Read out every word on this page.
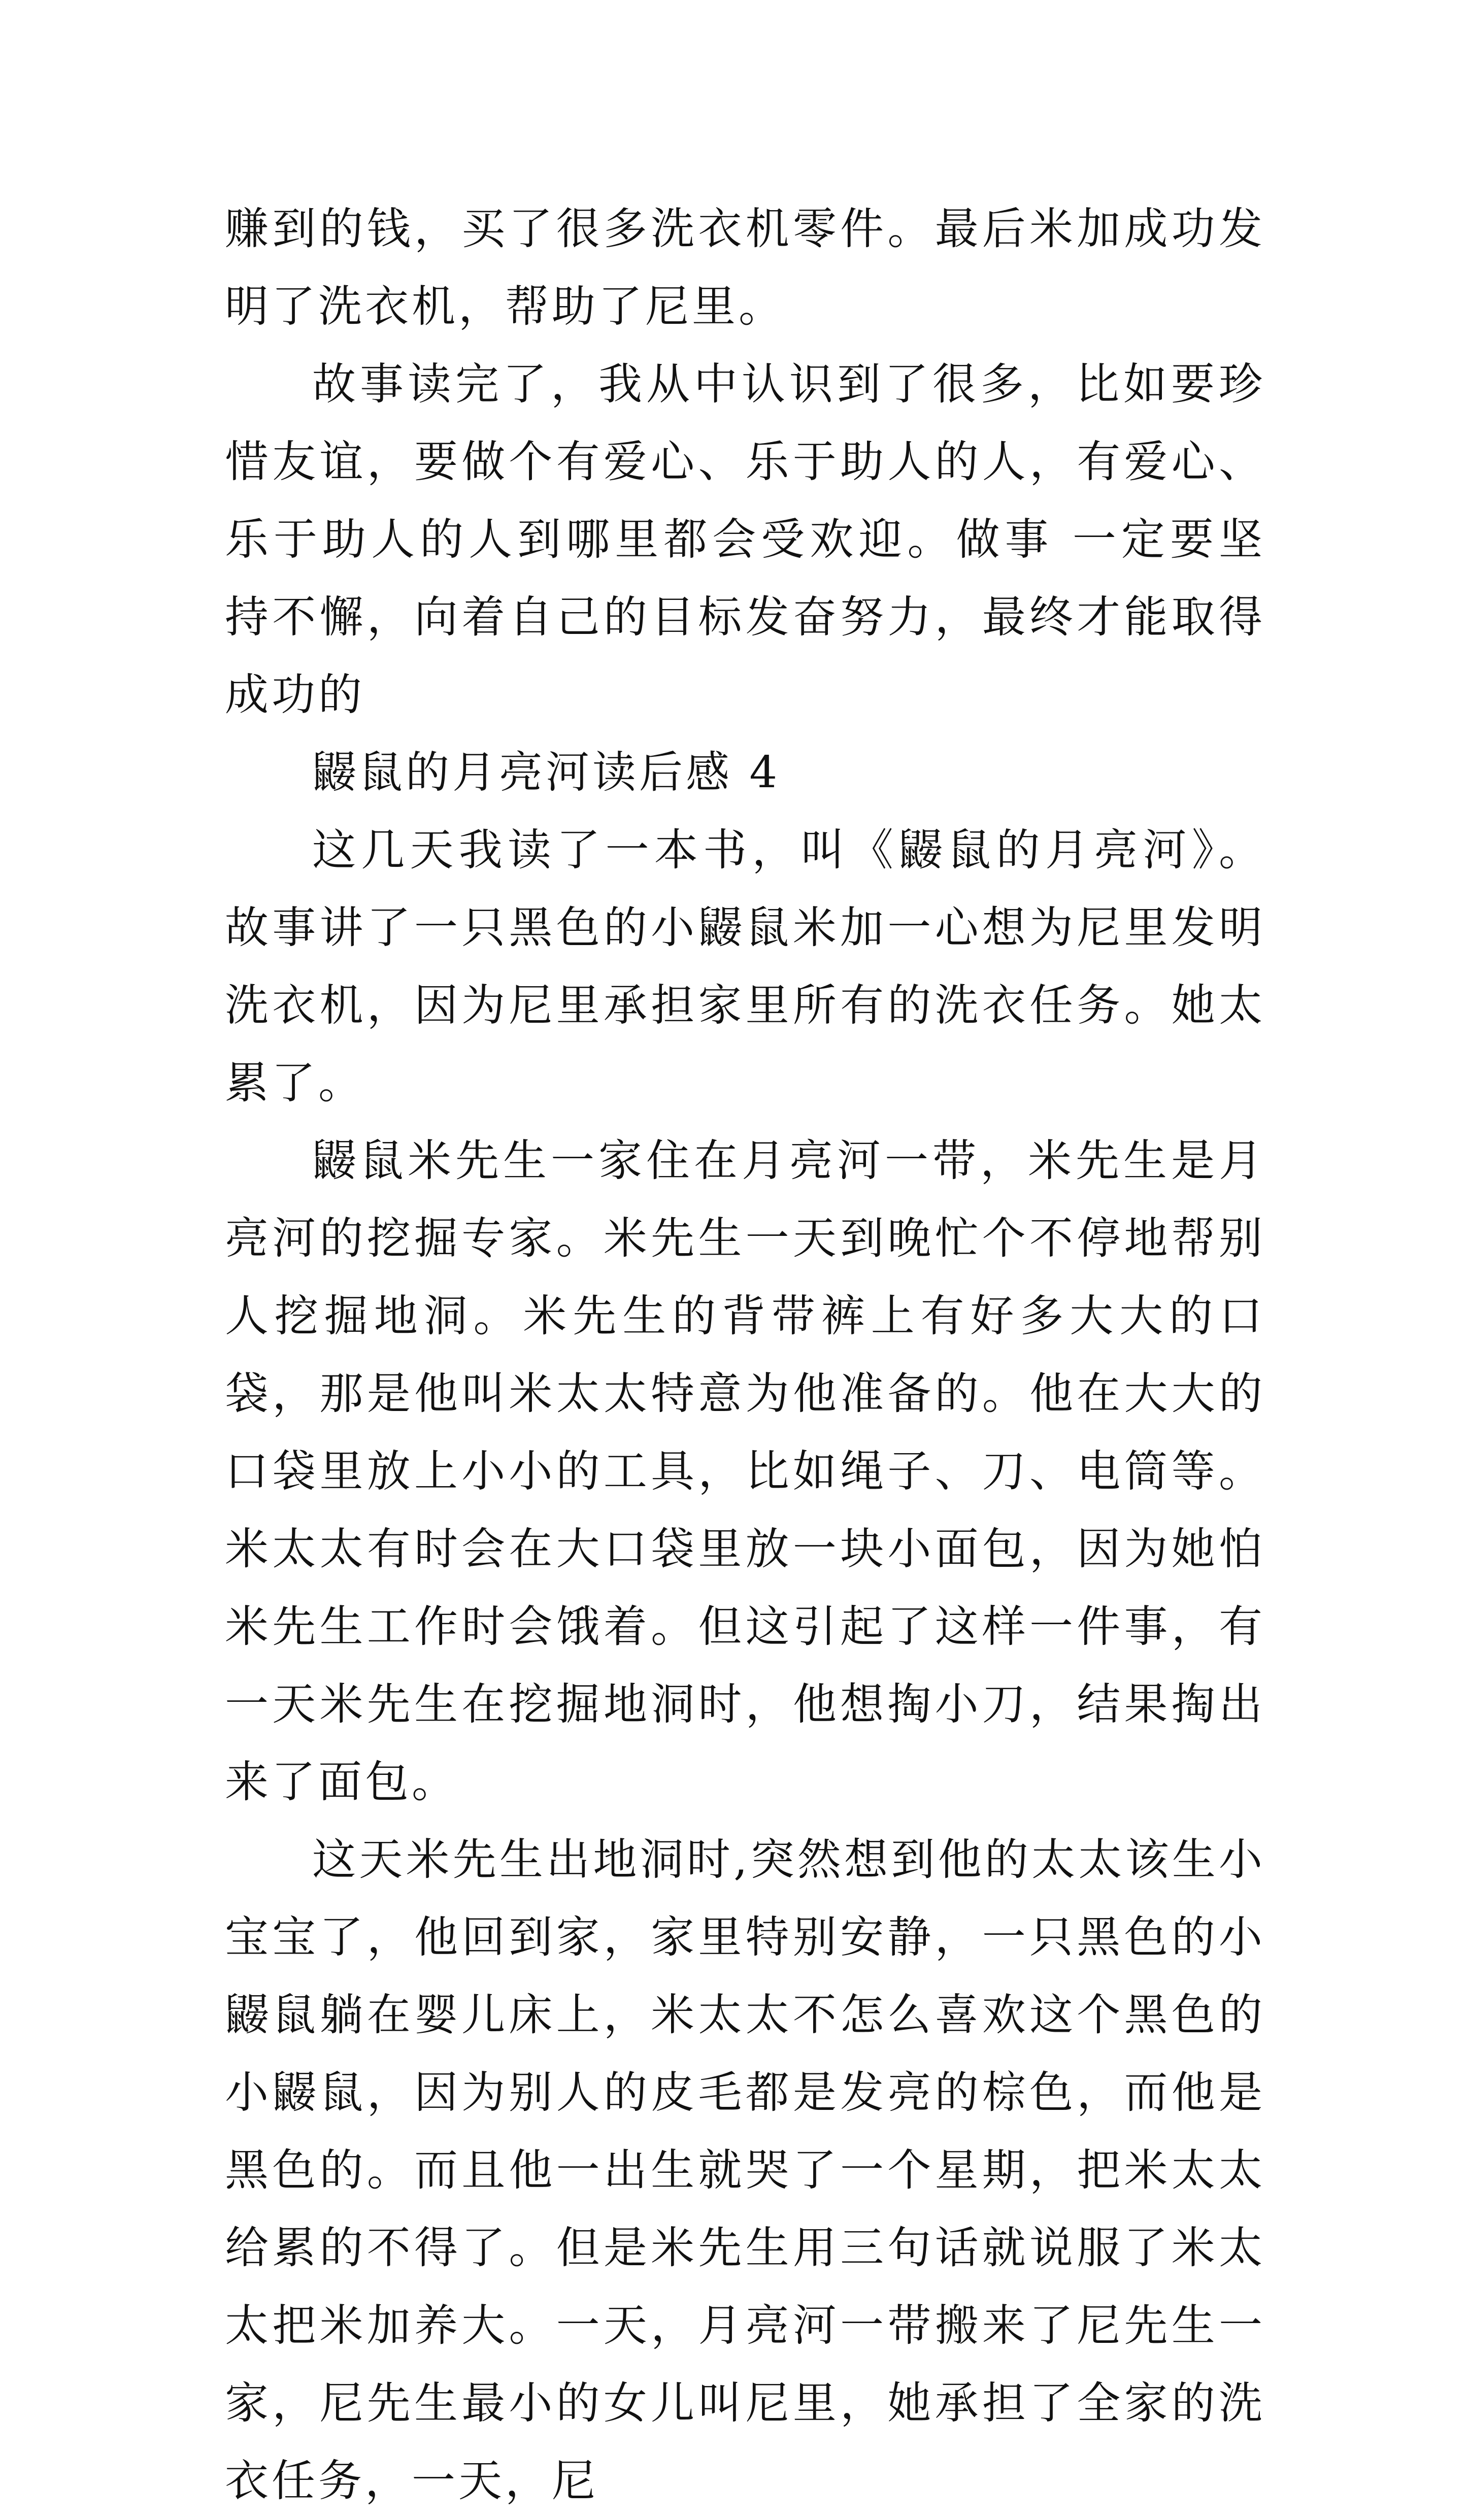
赚到的钱，买了很多洗衣机零件。最后米加成功发明了洗衣机，帮助了尼里。

故事读完了，我从中认识到了很多，比如要珍惜友谊，要做个有爱心、乐于助人的人，有爱心、乐于助人的人到哪里都会受欢迎。做事 一定要坚持不懈，向着自己的目标发奋努力，最终才能取得成功的

鼹鼠的月亮河读后感 4

这几天我读了一本书，叫《鼹鼠的月亮河》。故事讲了一只黑色的小鼹鼠米加一心想为尼里发明洗衣机，因为尼里承担家里所有的洗衣任务。她太累了。

鼹鼠米先生一家住在月亮河一带，米先生是月亮河的挖掘专家。米先生一天到晚忙个不停地帮别人挖掘地洞。米先生的背带裤上有好多大大的口袋，那是他叫米太太特意为他准备的。他在大大的口袋里放上小小的工具，比如绳子、刀、电筒等。米太太有时会在大口袋里放一块小面包，因为她怕米先生工作时会饿着。但这引起了这样一件事，有一天米先生在挖掘地洞时，他想掏小刀，结果掏出来了面包。

这天米先生出地洞时,突然想到他的太太该生小宝宝了，他回到家，家里特别安静，一只黑色的小鼹鼠躺在婴儿床上，米太太不怎么喜欢这个黑色的小鼹鼠，因为别人的皮毛都是发亮的棕色，而他是黑色的。而且他一出生就哭了一个星期，把米太太给累的不得了。但是米先生用三句话就说服了米太太把米加养大。一天，月亮河一带搬来了尼先生一家，尼先生最小的女儿叫尼里，她承担了全家的洗衣任务，一天，尼
